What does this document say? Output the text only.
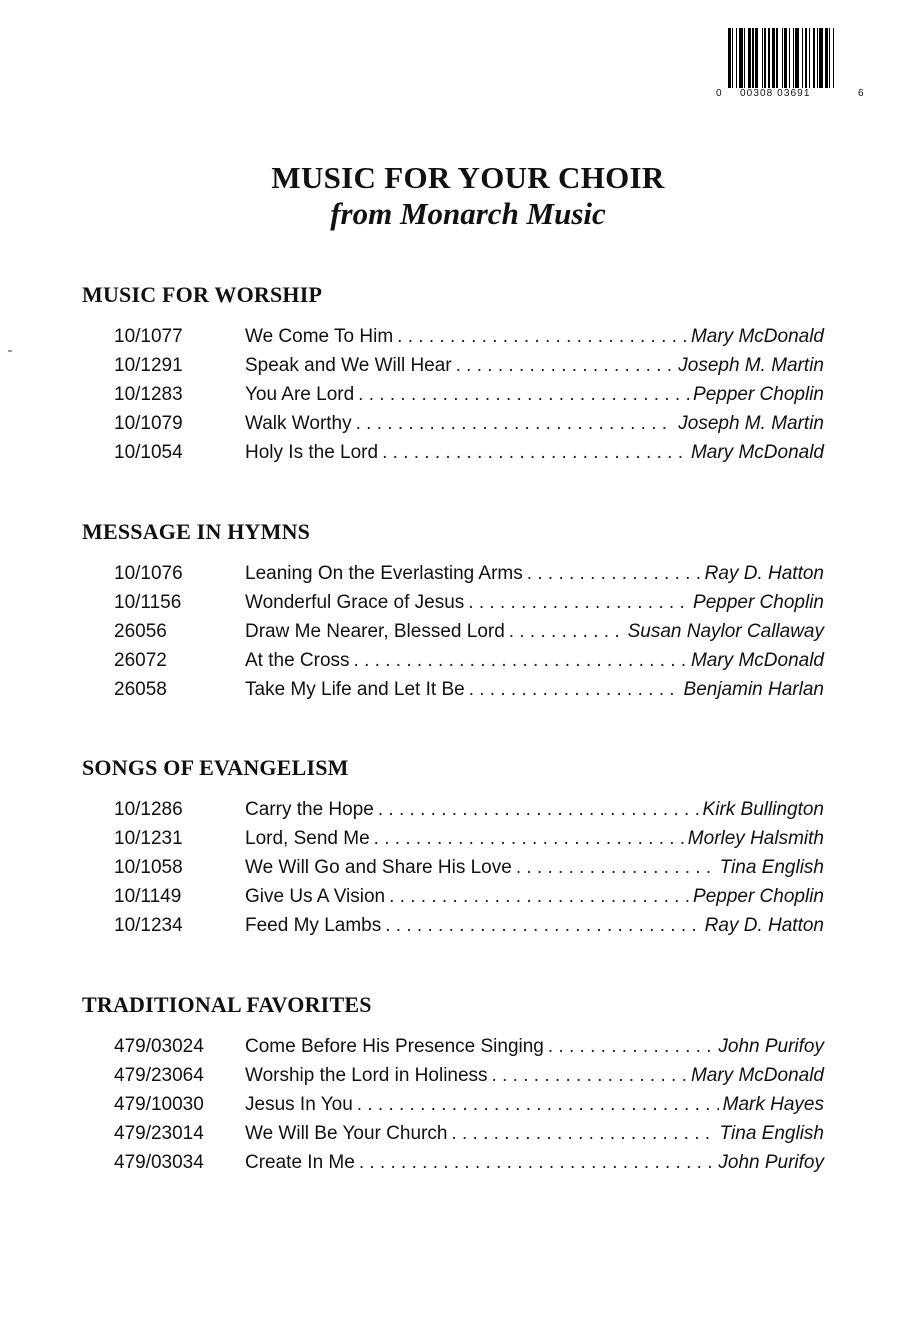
0 00308 03691	6
MUSIC FOR YOUR CHOIR
from Monarch Music
MUSIC FOR WORSHIP
10/1077	We Come To Him . . .	Mary McDonald
10/1291	Speak and We Will Hear . . .	Joseph M. Martin
10/1283	You Are Lord . . .	Pepper Choplin
10/1079	Walk Worthy . . .	Joseph M. Martin
10/1054	Holy Is the Lord . . .	Mary McDonald
MESSAGE IN HYMNS
10/1076	Leaning On the Everlasting Arms . . .	Ray D. Hatton
10/1156	Wonderful Grace of Jesus . . .	Pepper Choplin
26056	Draw Me Nearer, Blessed Lord . . .	Susan Naylor Callaway
26072	At the Cross . . .	Mary McDonald
26058	Take My Life and Let It Be . . .	Benjamin Harlan
SONGS OF EVANGELISM
10/1286	Carry the Hope . . .	Kirk Bullington
10/1231	Lord, Send Me . . .	Morley Halsmith
10/1058	We Will Go and Share His Love . . .	Tina English
10/1149	Give Us A Vision . . .	Pepper Choplin
10/1234	Feed My Lambs . . .	Ray D. Hatton
TRADITIONAL FAVORITES
479/03024	Come Before His Presence Singing . . .	John Purifoy
479/23064	Worship the Lord in Holiness . . .	Mary McDonald
479/10030	Jesus In You . . .	Mark Hayes
479/23014	We Will Be Your Church . . .	Tina English
479/03034	Create In Me . . .	John Purifoy
